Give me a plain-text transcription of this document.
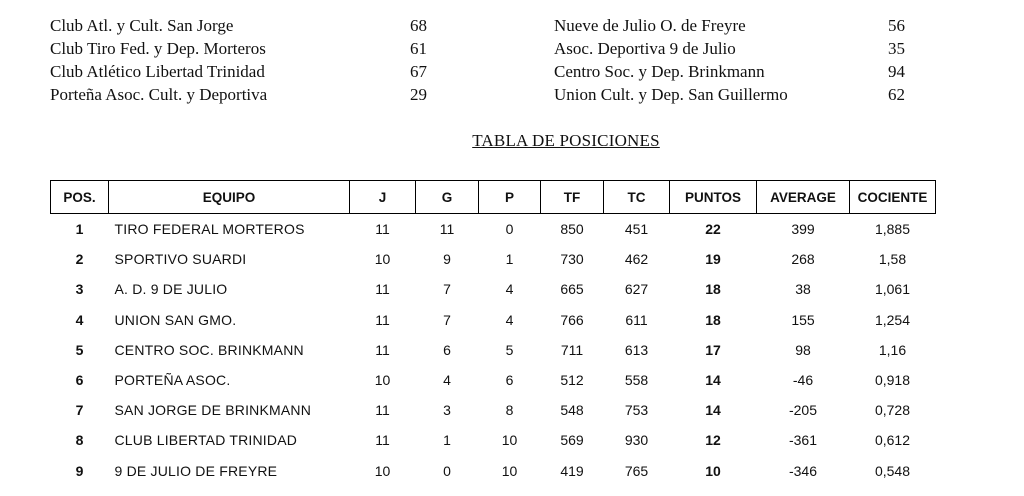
Club Atl. y Cult. San Jorge	68
Club Tiro Fed. y Dep. Morteros	61
Club Atlético Libertad Trinidad	67
Porteña Asoc. Cult. y Deportiva	29
Nueve de Julio O. de Freyre	56
Asoc. Deportiva 9 de Julio	35
Centro Soc. y Dep. Brinkmann	94
Union Cult. y Dep. San Guillermo	62
TABLA DE POSICIONES
POS.	EQUIPO	J	G	P	TF	TC	PUNTOS	AVERAGE	COCIENTE
1	TIRO FEDERAL MORTEROS	11	11	0	850	451	22	399	1,885
2	SPORTIVO SUARDI	10	9	1	730	462	19	268	1,58
3	A. D. 9 DE JULIO	11	7	4	665	627	18	38	1,061
4	UNION SAN GMO.	11	7	4	766	611	18	155	1,254
5	CENTRO SOC. BRINKMANN	11	6	5	711	613	17	98	1,16
6	PORTEÑA ASOC.	10	4	6	512	558	14	-46	0,918
7	SAN JORGE DE BRINKMANN	11	3	8	548	753	14	-205	0,728
8	CLUB LIBERTAD TRINIDAD	11	1	10	569	930	12	-361	0,612
9	9 DE JULIO DE FREYRE	10	0	10	419	765	10	-346	0,548
